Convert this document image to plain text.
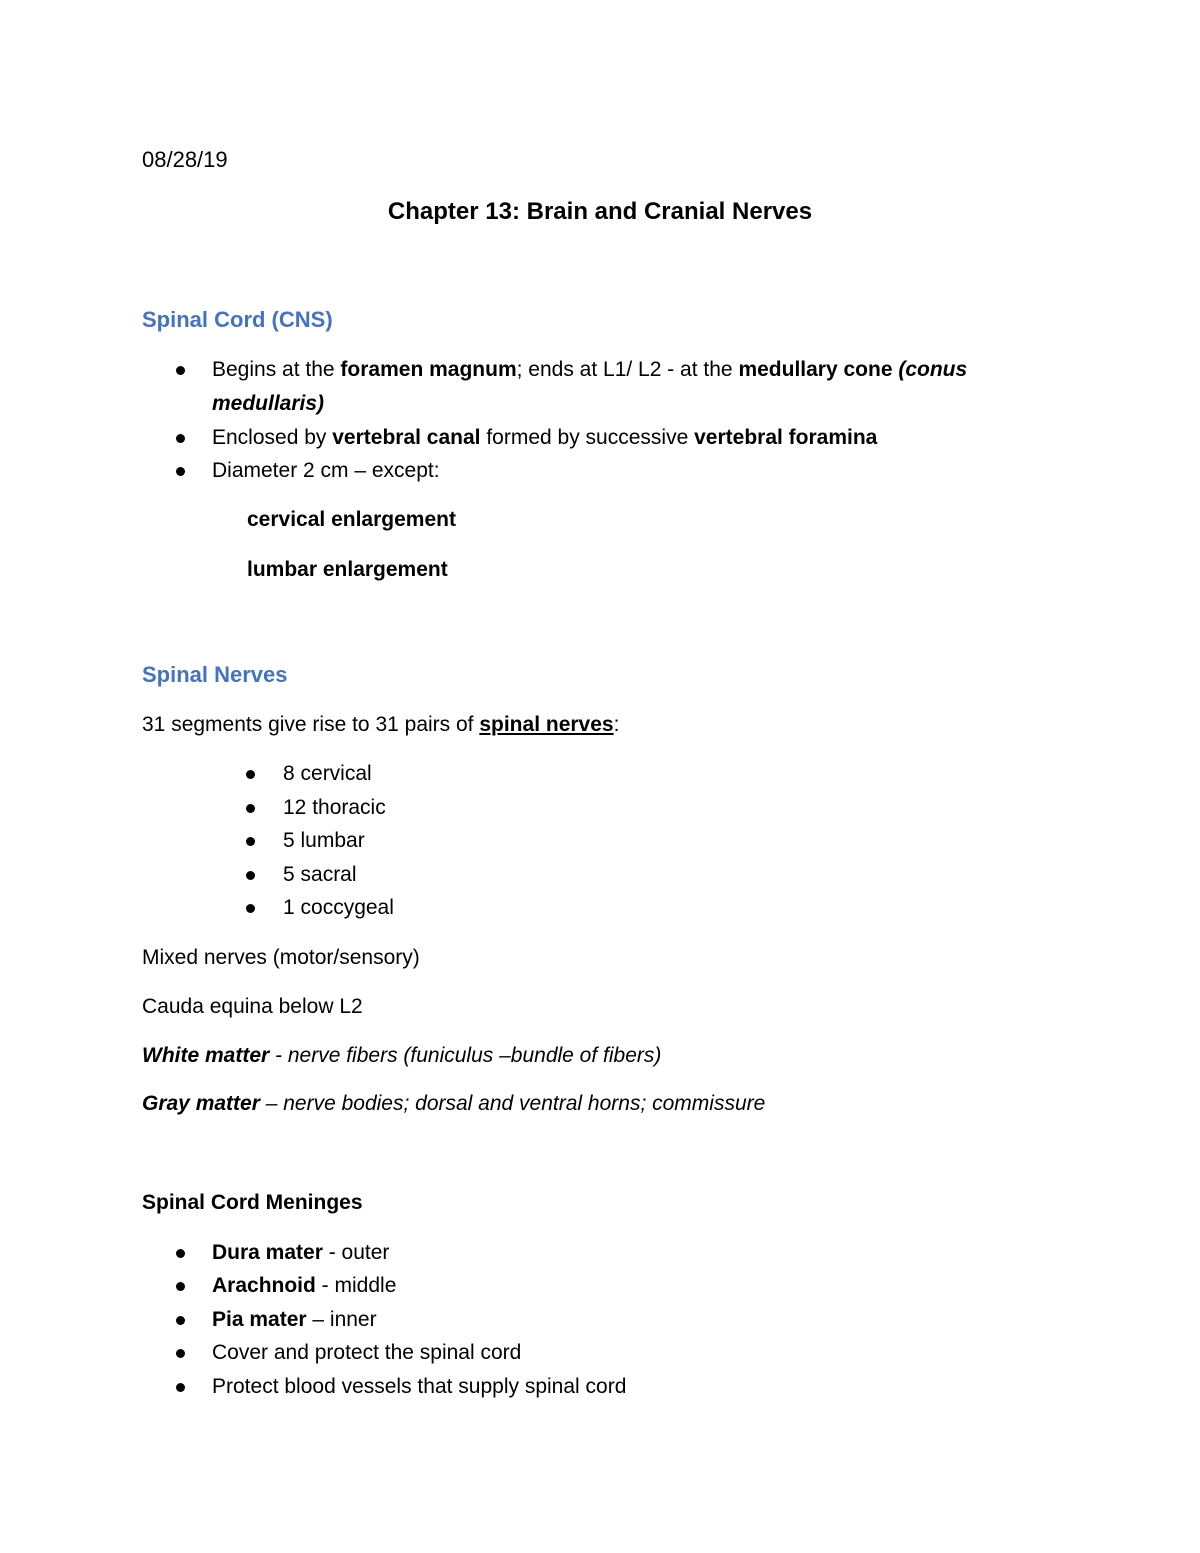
08/28/19
Chapter 13: Brain and Cranial Nerves
Spinal Cord (CNS)
Begins at the foramen magnum; ends at L1/ L2 - at the medullary cone (conus
medullaris)
Enclosed by vertebral canal formed by successive vertebral foramina
Diameter 2 cm – except:
cervical enlargement
lumbar enlargement
Spinal Nerves
31 segments give rise to 31 pairs of spinal nerves:
8 cervical
12 thoracic
5 lumbar
5 sacral
1 coccygeal
Mixed nerves (motor/sensory)
Cauda equina below L2
White matter - nerve fibers (funiculus –bundle of fibers)
Gray matter – nerve bodies; dorsal and ventral horns; commissure
Spinal Cord Meninges
Dura mater - outer
Arachnoid - middle
Pia mater – inner
Cover and protect the spinal cord
Protect blood vessels that supply spinal cord
